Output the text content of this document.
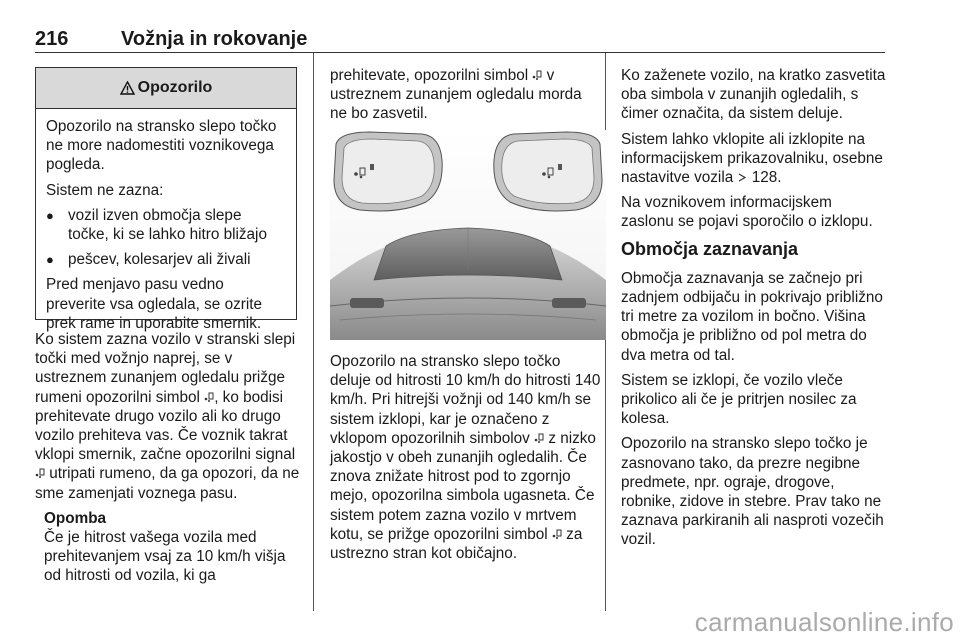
216	Vožnja in rokovanje
Opozorilo

Opozorilo na stransko slepo točko ne more nadomestiti voznikovega pogleda.

Sistem ne zazna:

● vozil izven območja slepe točke, ki se lahko hitro bližajo
● pešcev, kolesarjev ali živali

Pred menjavo pasu vedno preverite vsa ogledala, se ozrite prek rame in uporabite smernik.

Ko sistem zazna vozilo v stranski slepi točki med vožnjo naprej, se v ustreznem zunanjem ogledalu prižge rumeni opozorilni simbol , ko bodisi prehitevate drugo vozilo ali ko drugo vozilo prehiteva vas. Če voznik takrat vklopi smernik, začne opozorilni signal  utripati rumeno, da ga opozori, da ne sme zamenjati voznega pasu.

Opomba
Če je hitrost vašega vozila med prehitevanjem vsaj za 10 km/h višja od hitrosti od vozila, ki ga

prehitevate, opozorilni simbol v ustreznem zunanjem ogledalu morda ne bo zasvetil.

Opozorilo na stransko slepo točko deluje od hitrosti 10 km/h do hitrosti 140 km/h. Pri hitrejši vožnji od 140 km/h se sistem izklopi, kar je označeno z vklopom opozorilnih simbolov z nizko jakostjo v obeh zunanjih ogledalih. Če znova znižate hitrost pod to zgornjo mejo, opozorilna simbola ugasneta. Če sistem potem zazna vozilo v mrtvem kotu, se prižge opozorilni simbol za ustrezno stran kot običajno.

Ko zaženete vozilo, na kratko zasvetita oba simbola v zunanjih ogledalih, s čimer označita, da sistem deluje.

Sistem lahko vklopite ali izklopite na informacijskem prikazovalniku, osebne nastavitve vozila 128.

Na voznikovem informacijskem zaslonu se pojavi sporočilo o izklopu.

Območja zaznavanja

Območja zaznavanja se začnejo pri zadnjem odbijaču in pokrivajo približno tri metre za vozilom in bočno. Višina območja je približno od pol metra do dva metra od tal.

Sistem se izklopi, če vozilo vleče prikolico ali če je pritrjen nosilec za kolesa.

Opozorilo na stransko slepo točko je zasnovano tako, da prezre negibne predmete, npr. ograje, drogove, robnike, zidove in stebre. Prav tako ne zaznava parkiranih ali nasproti vozečih vozil.

carmanualsonline.info
